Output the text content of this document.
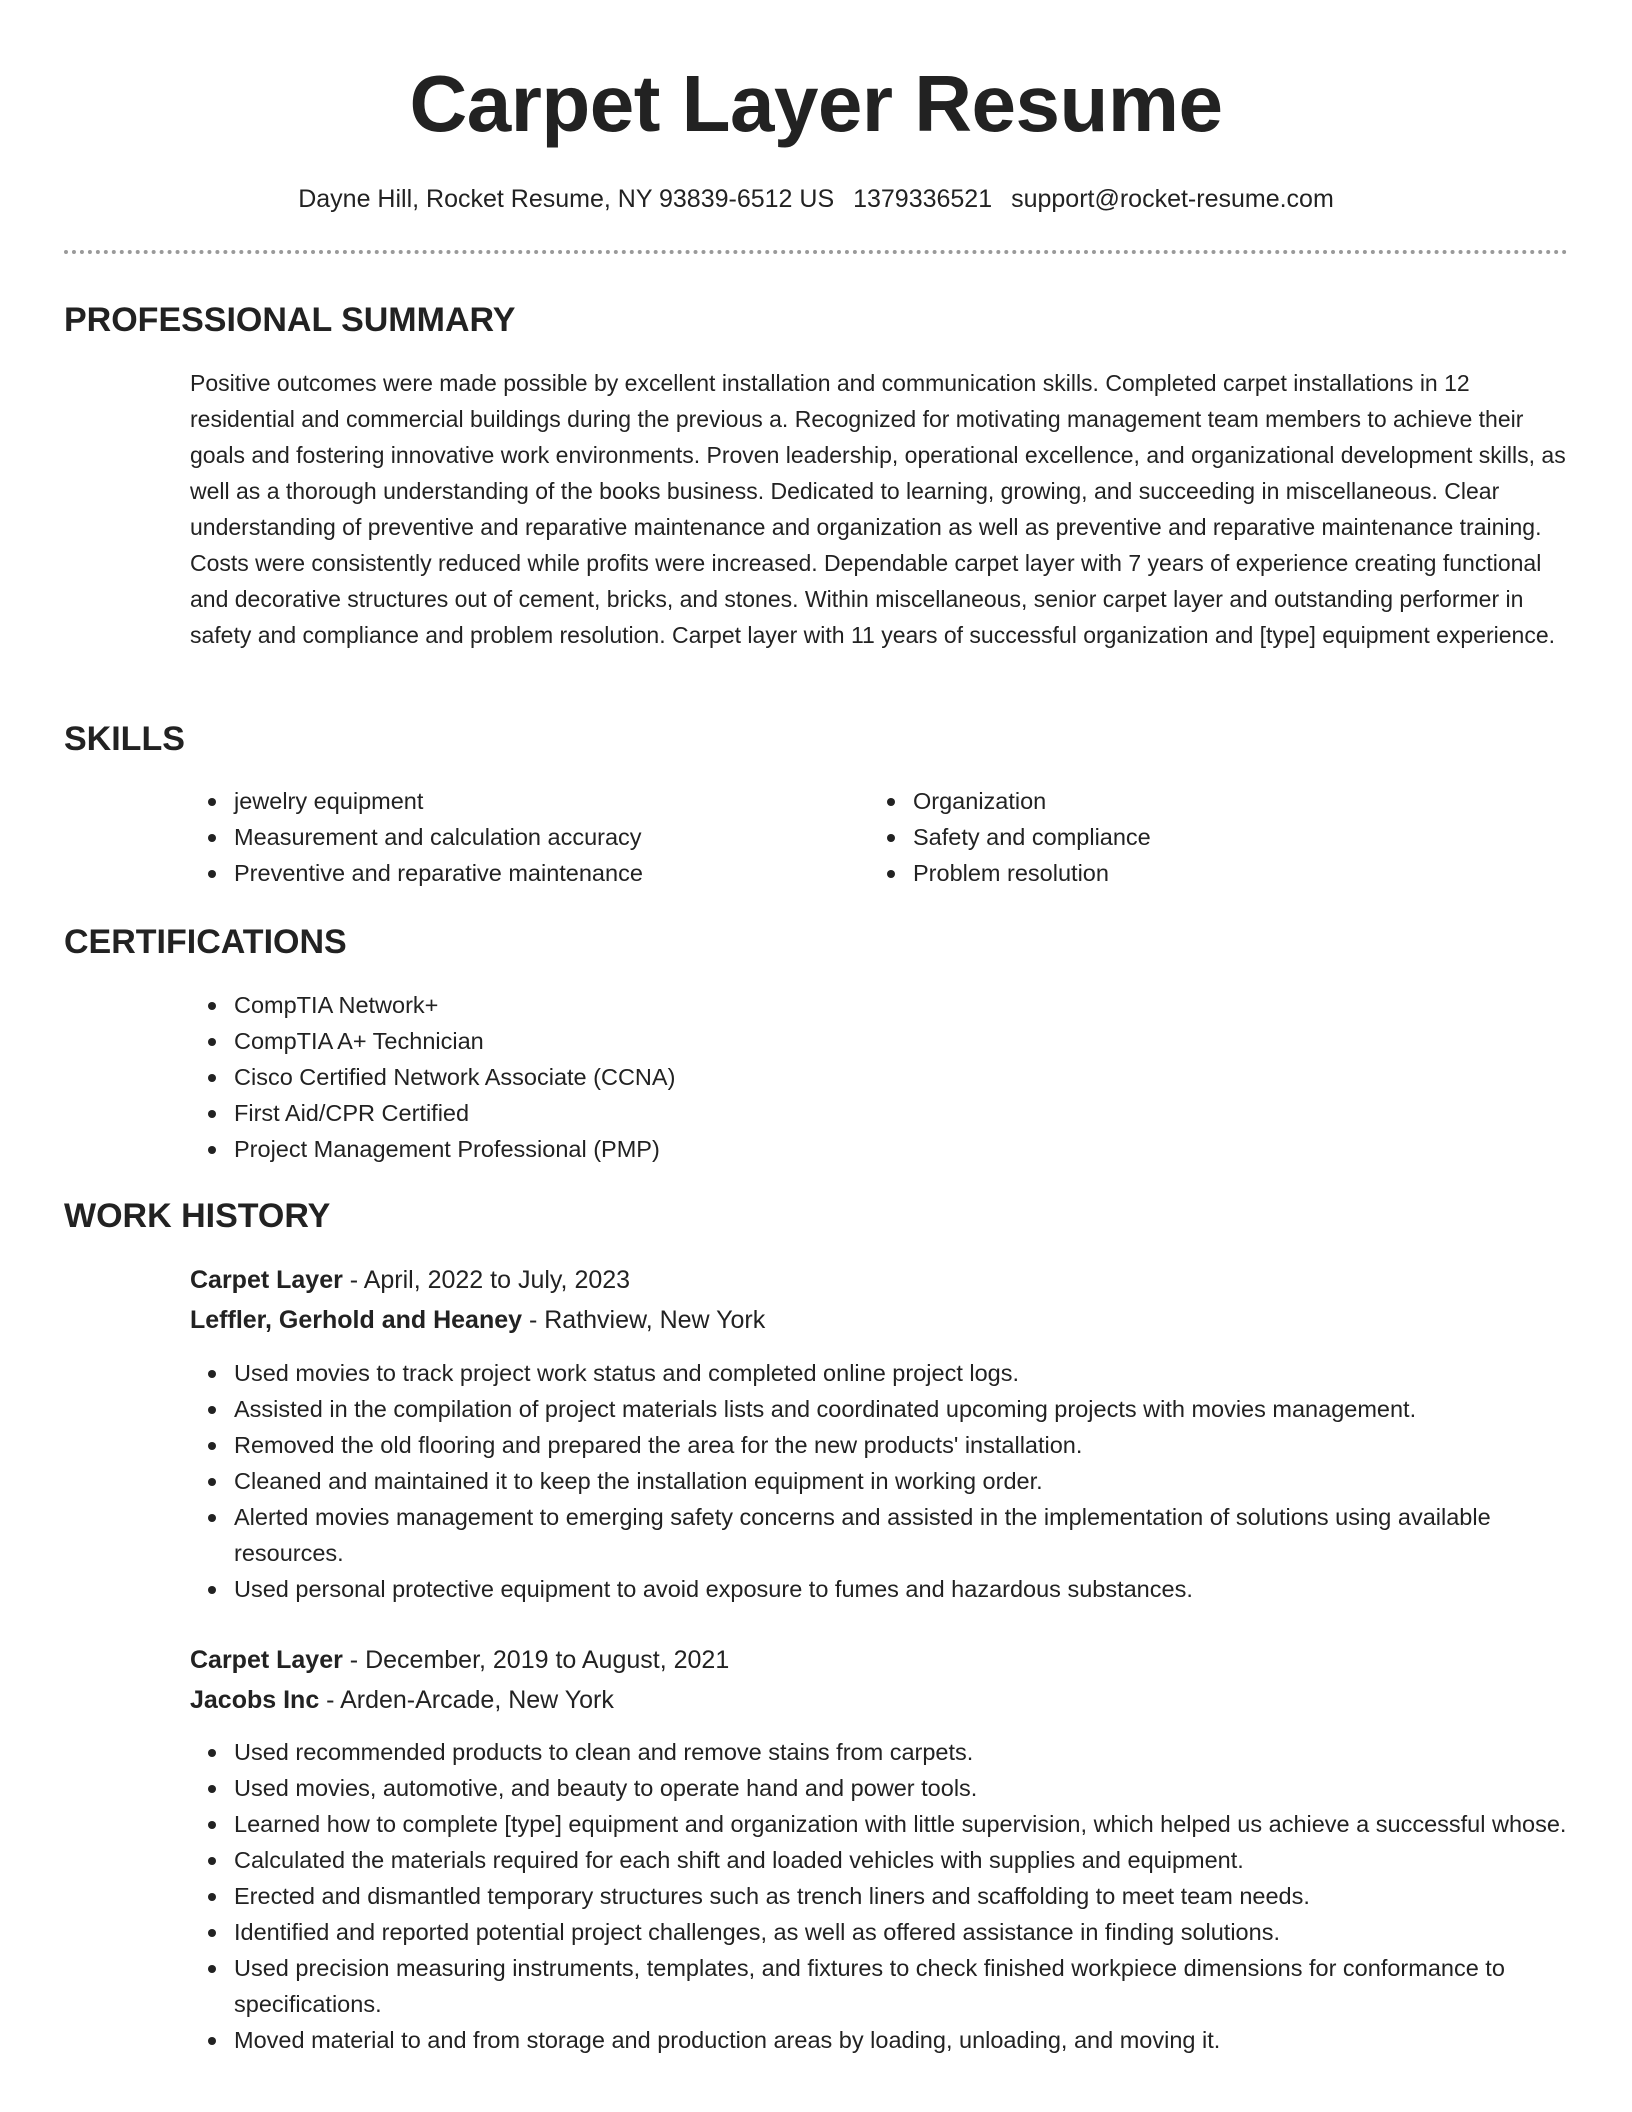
Carpet Layer Resume
Dayne Hill, Rocket Resume, NY 93839-6512 US 1379336521 support@rocket-resume.com
PROFESSIONAL SUMMARY

Positive outcomes were made possible by excellent installation and communication skills. Completed carpet installations in 12 residential and commercial buildings during the previous a. Recognized for motivating management team members to achieve their goals and fostering innovative work environments. Proven leadership, operational excellence, and organizational development skills, as well as a thorough understanding of the books business. Dedicated to learning, growing, and succeeding in miscellaneous. Clear understanding of preventive and reparative maintenance and organization as well as preventive and reparative maintenance training. Costs were consistently reduced while profits were increased. Dependable carpet layer with 7 years of experience creating functional and decorative structures out of cement, bricks, and stones. Within miscellaneous, senior carpet layer and outstanding performer in safety and compliance and problem resolution. Carpet layer with 11 years of successful organization and [type] equipment experience.

SKILLS
jewelry equipment
Measurement and calculation accuracy
Preventive and reparative maintenance
Organization
Safety and compliance
Problem resolution
CERTIFICATIONS
CompTIA Network+
CompTIA A+ Technician
Cisco Certified Network Associate (CCNA)
First Aid/CPR Certified
Project Management Professional (PMP)
WORK HISTORY
Carpet Layer - April, 2022 to July, 2023
Leffler, Gerhold and Heaney - Rathview, New York
Used movies to track project work status and completed online project logs.
Assisted in the compilation of project materials lists and coordinated upcoming projects with movies management.
Removed the old flooring and prepared the area for the new products' installation.
Cleaned and maintained it to keep the installation equipment in working order.
Alerted movies management to emerging safety concerns and assisted in the implementation of solutions using available resources.
Used personal protective equipment to avoid exposure to fumes and hazardous substances.
Carpet Layer - December, 2019 to August, 2021
Jacobs Inc - Arden-Arcade, New York
Used recommended products to clean and remove stains from carpets.
Used movies, automotive, and beauty to operate hand and power tools.
Learned how to complete [type] equipment and organization with little supervision, which helped us achieve a successful whose.
Calculated the materials required for each shift and loaded vehicles with supplies and equipment.
Erected and dismantled temporary structures such as trench liners and scaffolding to meet team needs.
Identified and reported potential project challenges, as well as offered assistance in finding solutions.
Used precision measuring instruments, templates, and fixtures to check finished workpiece dimensions for conformance to specifications.
Moved material to and from storage and production areas by loading, unloading, and moving it.
